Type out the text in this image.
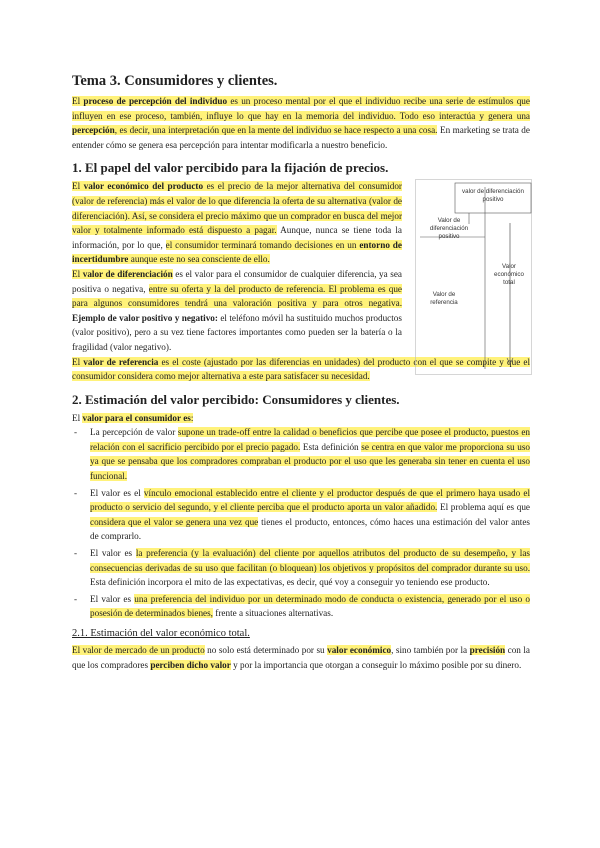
Tema 3. Consumidores y clientes.

El proceso de percepción del individuo es un proceso mental por el que el individuo recibe una serie de estímulos que influyen en ese proceso, también, influye lo que hay en la memoria del individuo. Todo eso interactúa y genera una percepción, es decir, una interpretación que en la mente del individuo se hace respecto a una cosa. En marketing se trata de entender cómo se genera esa percepción para intentar modificarla a nuestro beneficio.

1. El papel del valor percibido para la fijación de precios.

El valor económico del producto es el precio de la mejor alternativa del consumidor (valor de referencia) más el valor de lo que diferencia la oferta de su alternativa (valor de diferenciación). Así, se considera el precio máximo que un comprador en busca del mejor valor y totalmente informado está dispuesto a pagar. Aunque, nunca se tiene toda la información, por lo que, el consumidor terminará tomando decisiones en un entorno de incertidumbre aunque este no sea consciente de ello.

El valor de diferenciación es el valor para el consumidor de cualquier diferencia, ya sea positiva o negativa, entre su oferta y la del producto de referencia. El problema es que para algunos consumidores tendrá una valoración positiva y para otros negativa. Ejemplo de valor positivo y negativo: el teléfono móvil ha sustituido muchos productos (valor positivo), pero a su vez tiene factores importantes como pueden ser la batería o la fragilidad (valor negativo).

valor de diferenciación positivo
Valor de diferenciación positivo
Valor de referencia
Valor económico total

El valor de referencia es el coste (ajustado por las diferencias en unidades) del producto con el que se compite y que el consumidor considera como mejor alternativa a este para satisfacer su necesidad.

2. Estimación del valor percibido: Consumidores y clientes.

El valor para el consumidor es:

- La percepción de valor supone un trade-off entre la calidad o beneficios que percibe que posee el producto, puestos en relación con el sacrificio percibido por el precio pagado. Esta definición se centra en que valor me proporciona su uso ya que se pensaba que los compradores compraban el producto por el uso que les generaba sin tener en cuenta el uso funcional.
- El valor es el vínculo emocional establecido entre el cliente y el productor después de que el primero haya usado el producto o servicio del segundo, y el cliente perciba que el producto aporta un valor añadido. El problema aquí es que considera que el valor se genera una vez que tienes el producto, entonces, cómo haces una estimación del valor antes de comprarlo.
- El valor es la preferencia (y la evaluación) del cliente por aquellos atributos del producto de su desempeño, y las consecuencias derivadas de su uso que facilitan (o bloquean) los objetivos y propósitos del comprador durante su uso. Esta definición incorpora el mito de las expectativas, es decir, qué voy a conseguir yo teniendo ese producto.
- El valor es una preferencia del individuo por un determinado modo de conducta o existencia, generado por el uso o posesión de determinados bienes, frente a situaciones alternativas.
2.1. Estimación del valor económico total.

El valor de mercado de un producto no solo está determinado por su valor económico, sino también por la precisión con la que los compradores perciben dicho valor y por la importancia que otorgan a conseguir lo máximo posible por su dinero.
